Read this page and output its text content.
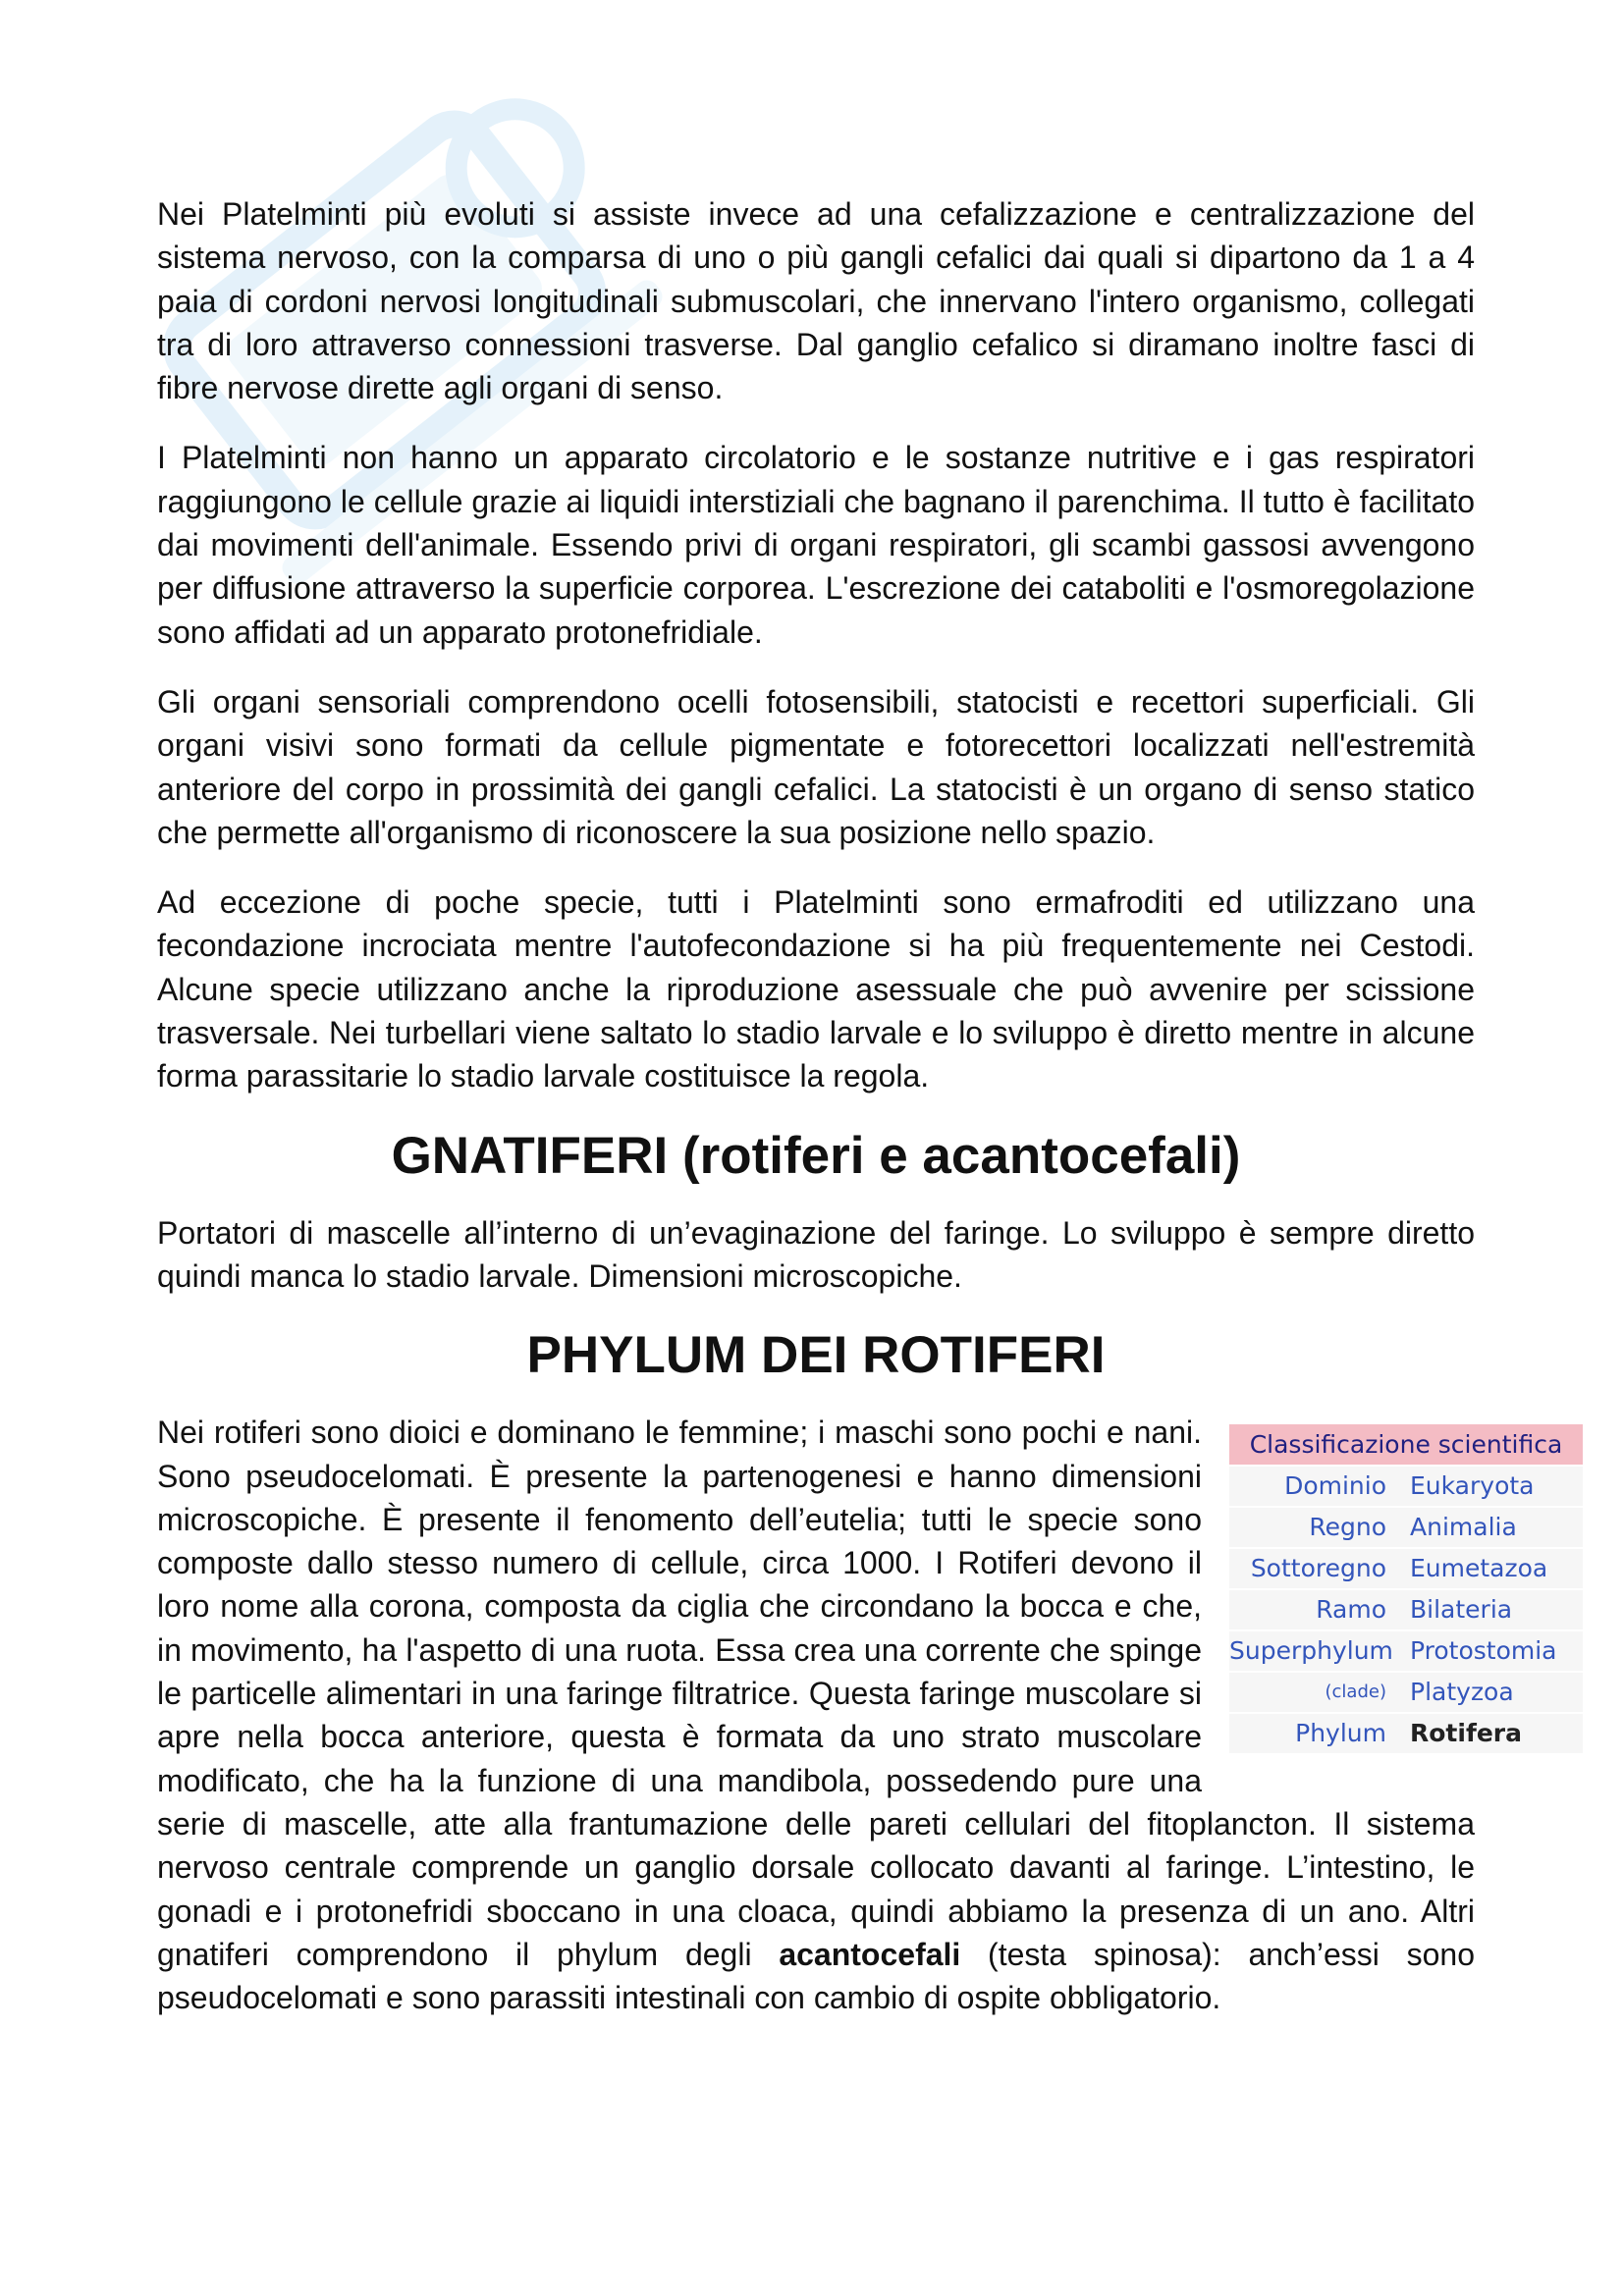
Nei Platelminti più evoluti si assiste invece ad una cefalizzazione e centralizzazione del sistema nervoso, con la comparsa di uno o più gangli cefalici dai quali si dipartono da 1 a 4 paia di cordoni nervosi longitudinali submuscolari, che innervano l'intero organismo, collegati tra di loro attraverso connessioni trasverse. Dal ganglio cefalico si diramano inoltre fasci di fibre nervose dirette agli organi di senso.

I Platelminti non hanno un apparato circolatorio e le sostanze nutritive e i gas respiratori raggiungono le cellule grazie ai liquidi interstiziali che bagnano il parenchima. Il tutto è facilitato dai movimenti dell'animale. Essendo privi di organi respiratori, gli scambi gassosi avvengono per diffusione attraverso la superficie corporea. L'escrezione dei cataboliti e l'osmoregolazione sono affidati ad un apparato protonefridiale.

Gli organi sensoriali comprendono ocelli fotosensibili, statocisti e recettori superficiali. Gli organi visivi sono formati da cellule pigmentate e fotorecettori localizzati nell'estremità anteriore del corpo in prossimità dei gangli cefalici. La statocisti è un organo di senso statico che permette all'organismo di riconoscere la sua posizione nello spazio.

Ad eccezione di poche specie, tutti i Platelminti sono ermafroditi ed utilizzano una fecondazione incrociata mentre l'autofecondazione si ha più frequentemente nei Cestodi. Alcune specie utilizzano anche la riproduzione asessuale che può avvenire per scissione trasversale. Nei turbellari viene saltato lo stadio larvale e lo sviluppo è diretto mentre in alcune forma parassitarie lo stadio larvale costituisce la regola.

GNATIFERI (rotiferi e acantocefali)

Portatori di mascelle all’interno di un’evaginazione del faringe. Lo sviluppo è sempre diretto quindi manca lo stadio larvale. Dimensioni microscopiche.

PHYLUM DEI ROTIFERI
Classificazione scientifica
Dominio Eukaryota
Regno Animalia
Sottoregno Eumetazoa
Ramo Bilateria
Superphylum Protostomia
(clade) Platyzoa
Phylum Rotifera

Nei rotiferi sono dioici e dominano le femmine; i maschi sono pochi e nani. Sono pseudocelomati. È presente la partenogenesi e hanno dimensioni microscopiche. È presente il fenomento dell’eutelia; tutti le specie sono composte dallo stesso numero di cellule, circa 1000. I Rotiferi devono il loro nome alla corona, composta da ciglia che circondano la bocca e che, in movimento, ha l'aspetto di una ruota. Essa crea una corrente che spinge le particelle alimentari in una faringe filtratrice. Questa faringe muscolare si apre nella bocca anteriore, questa è formata da uno strato muscolare modificato, che ha la funzione di una mandibola, possedendo pure una serie di mascelle, atte alla frantumazione delle pareti cellulari del fitoplancton. Il sistema nervoso centrale comprende un ganglio dorsale collocato davanti al faringe. L’intestino, le gonadi e i protonefridi sboccano in una cloaca, quindi abbiamo la presenza di un ano. Altri gnatiferi comprendono il phylum degli acantocefali (testa spinosa): anch’essi sono pseudocelomati e sono parassiti intestinali con cambio di ospite obbligatorio.
